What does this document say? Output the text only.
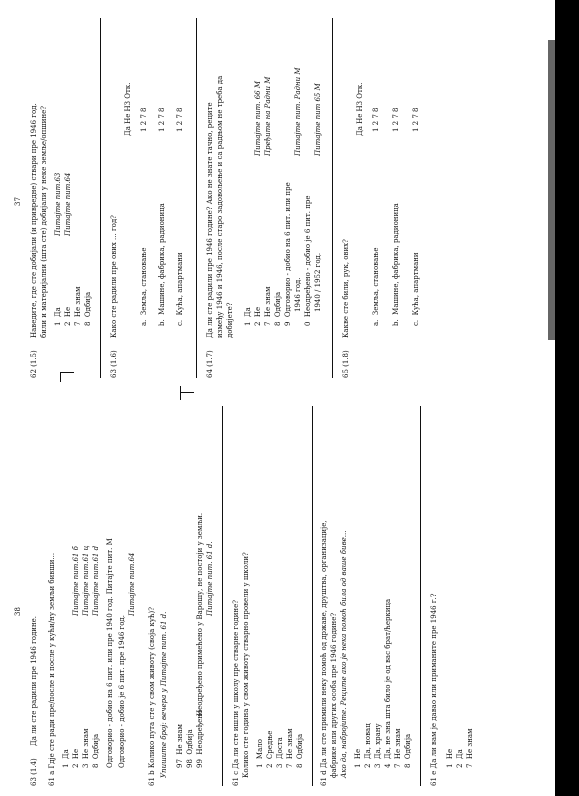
63 (1.4)
Да ли сте радили пре 1946 године.
38	61 a Гдје сте ради пре/после и после у кући/ну земљи бивши... 1  Да
2  Не
3  Не знам
8  Одбија
Питајте пит.61 б Питајте пит.61 ц Питајте пит.61 d Одговорио - добио на 6 пит. или пре 1940 год. Питајте пит. М Одговорио - добио је 6 пит. пре 1946 год.
Питајте пит.64
61 b Колико пута сте у свом животу (своја кућ)? Упишите број: вечера у Питајте пит. 61 d. 97  Не знам
98  Одбија
99  Неодређено
Неодређено примећено у Варошу, не постоји у земљи. Питајте пит. 61 d.
61 c Да ли сте ишли у школу пре стварне године? Колико сте година у свом животу стварно провели у школи? 1  Мало
2  Средње
3  Доста
7  Не знам
8  Одбија 61 d Да ли сте примили неку помоћ од државе, друштва, организације, фабрике или других особа пре 1946 године? Ако да, набројите. Реците ако је нека помоћ била од ваше биве... 1  Не
2  Да, новац
3  Да, храну
4  Да, не зна шта било је од вас брат/ћеркица
7  Не знам
8  Одбија	61 e Да ли вам је давао или приманите пре 1946 г.? 1  Не
2  Да
7  Не знам
37
62 (1.5)
Наведите, где сте добијали (и привредне) ствари пре 1946 год. били и материјални (шта сте) добијали у неке земље/опшине? 1  Да
2  Не
7  Не знам
8  Одбија
Питајте пит.63 Питајте пит.64
63 (1.6)
Како сте радили пре ових ... год?
Да Не НЗ Отк.
a.  Земља, становање
1 2 7 8
b.  Машине, фабрика, радионица
1 2 7 8
c.  Кућа, апартмани
1 2 7 8
64 (1.7)
Да ли сте радили пре 1946 године? Ако не знате тачно, реците између 1946 и 1946, после старо задовољење и са радњом не треба да добијете? 1  Да
2  Не
7  Не знам
8  Одбија
9  Одговорио - добио на 6 пит. или пре 1946 год.
0  Неодређено - добио је 6 пит. пре 1940 / 1952 год.
Питајте пит. 66 М Пређите на Радни М	Питајте пит. Радни М Питајте пит 65 М
65 (1.8)
Какве сте били, рук, ових?
Да Не НЗ Отк.
a.  Земља, становање
1 2 7 8
b.  Машине, фабрика, радионица
1 2 7 8
c.  Кућа, апартмани
1 2 7 8
